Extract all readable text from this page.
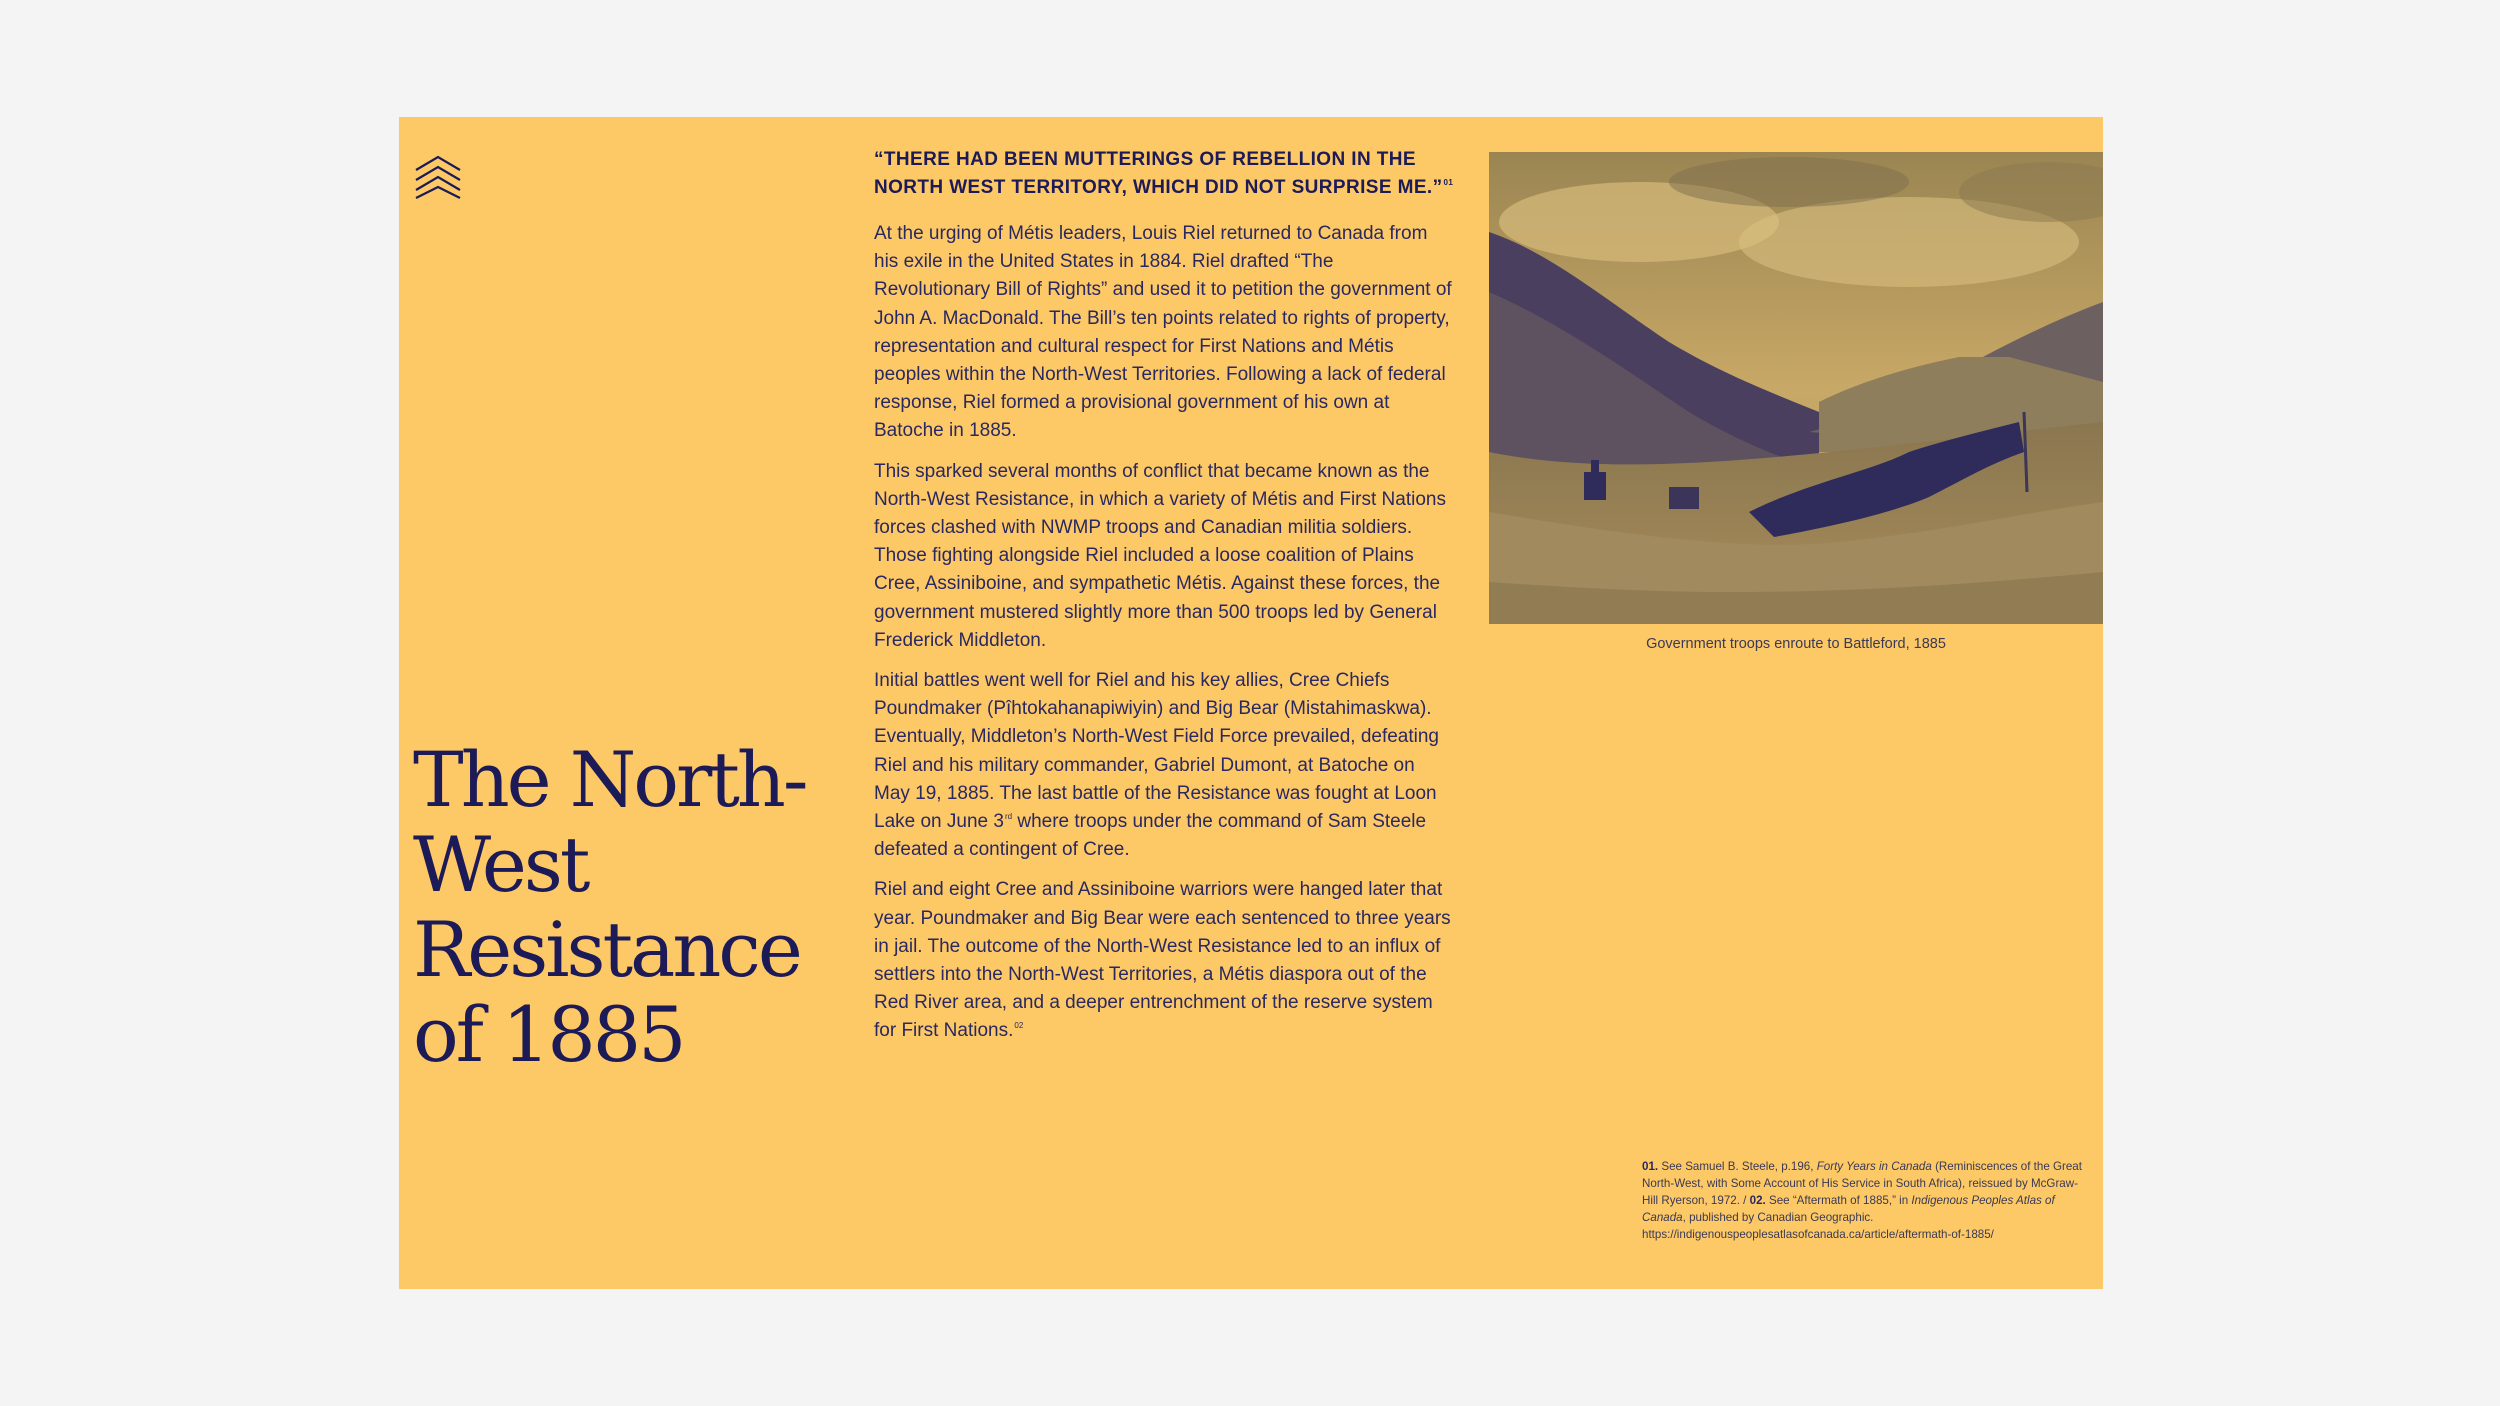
The North-West Resistance of 1885

“THERE HAD BEEN MUTTERINGS OF REBELLION IN THE NORTH WEST TERRITORY, WHICH DID NOT SURPRISE ME.”$^{01}$

At the urging of Métis leaders, Louis Riel returned to Canada from his exile in the United States in 1884. Riel drafted “The Revolutionary Bill of Rights” and used it to petition the government of John A. MacDonald. The Bill’s ten points related to rights of property, representation and cultural respect for First Nations and Métis peoples within the North-West Territories. Following a lack of federal response, Riel formed a provisional government of his own at Batoche in 1885.

This sparked several months of conflict that became known as the North-West Resistance, in which a variety of Métis and First Nations forces clashed with NWMP troops and Canadian militia soldiers. Those fighting alongside Riel included a loose coalition of Plains Cree, Assiniboine, and sympathetic Métis. Against these forces, the government mustered slightly more than 500 troops led by General Frederick Middleton.

Initial battles went well for Riel and his key allies, Cree Chiefs Poundmaker (Pîhtokahanapiwiyin) and Big Bear (Mistahimaskwa). Eventually, Middleton’s North-West Field Force prevailed, defeating Riel and his military commander, Gabriel Dumont, at Batoche on May 19, 1885. The last battle of the Resistance was fought at Loon Lake on June 3rd where troops under the command of Sam Steele defeated a contingent of Cree.

Riel and eight Cree and Assiniboine warriors were hanged later that year. Poundmaker and Big Bear were each sentenced to three years in jail. The outcome of the North-West Resistance led to an influx of settlers into the North-West Territories, a Métis diaspora out of the Red River area, and a deeper entrenchment of the reserve system for First Nations.$^{02}$

Government troops enroute to Battleford, 1885

01. See Samuel B. Steele, p.196, Forty Years in Canada (Reminiscences of the Great North-West, with Some Account of His Service in South Africa), reissued by McGraw-Hill Ryerson, 1972. / 02. See “Aftermath of 1885,” in Indigenous Peoples Atlas of Canada, published by Canadian Geographic. https://indigenouspeoplesatlasofcanada.ca/article/aftermath-of-1885/
